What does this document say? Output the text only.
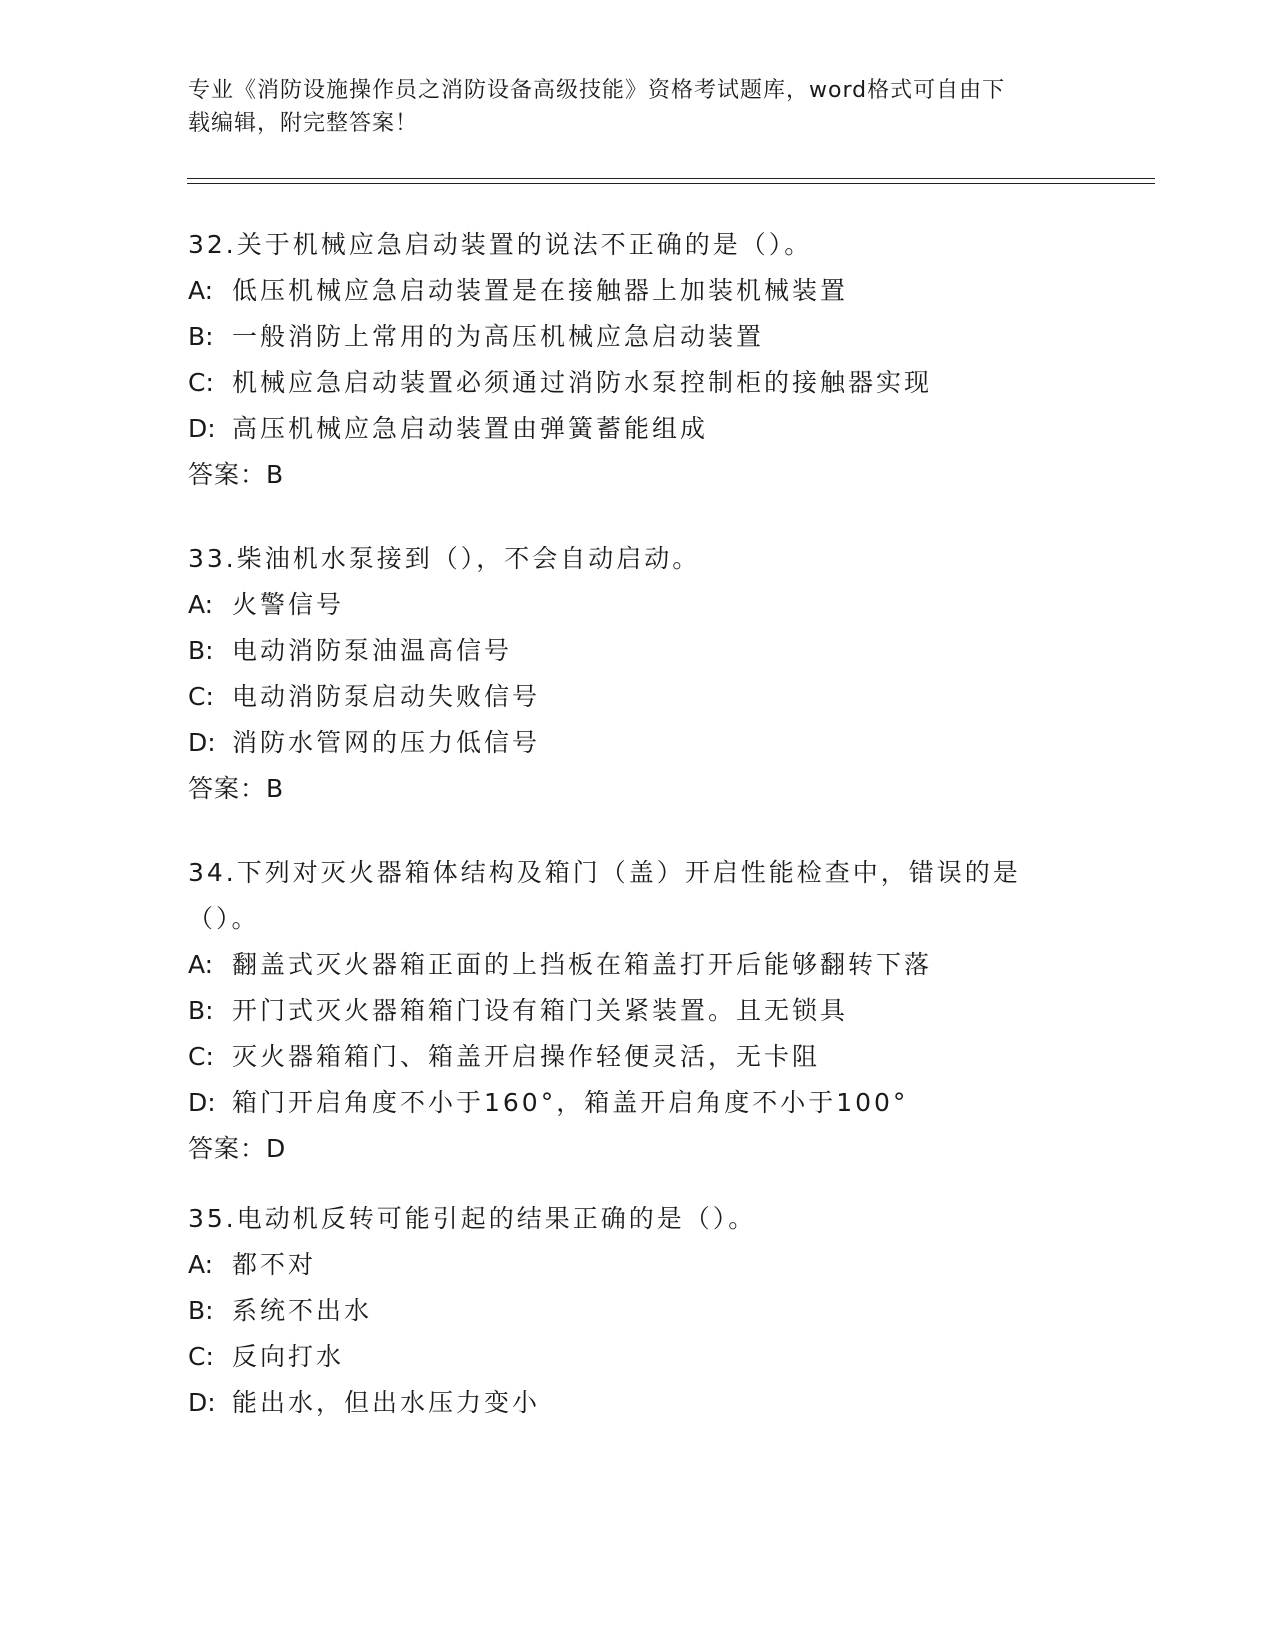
专业《消防设施操作员之消防设备高级技能》资格考试题库，word格式可自由下
载编辑，附完整答案！
32.关于机械应急启动装置的说法不正确的是（）。
A: 低压机械应急启动装置是在接触器上加装机械装置
B: 一般消防上常用的为高压机械应急启动装置
C: 机械应急启动装置必须通过消防水泵控制柜的接触器实现
D: 高压机械应急启动装置由弹簧蓄能组成
答案：B
33.柴油机水泵接到（），不会自动启动。
A: 火警信号
B: 电动消防泵油温高信号
C: 电动消防泵启动失败信号
D: 消防水管网的压力低信号
答案：B
34.下列对灭火器箱体结构及箱门（盖）开启性能检查中，错误的是（）。
A: 翻盖式灭火器箱正面的上挡板在箱盖打开后能够翻转下落
B: 开门式灭火器箱箱门设有箱门关紧装置。且无锁具
C: 灭火器箱箱门、箱盖开启操作轻便灵活，无卡阻
D: 箱门开启角度不小于160°，箱盖开启角度不小于100°
答案：D
35.电动机反转可能引起的结果正确的是（）。
A: 都不对
B: 系统不出水
C: 反向打水
D: 能出水，但出水压力变小
